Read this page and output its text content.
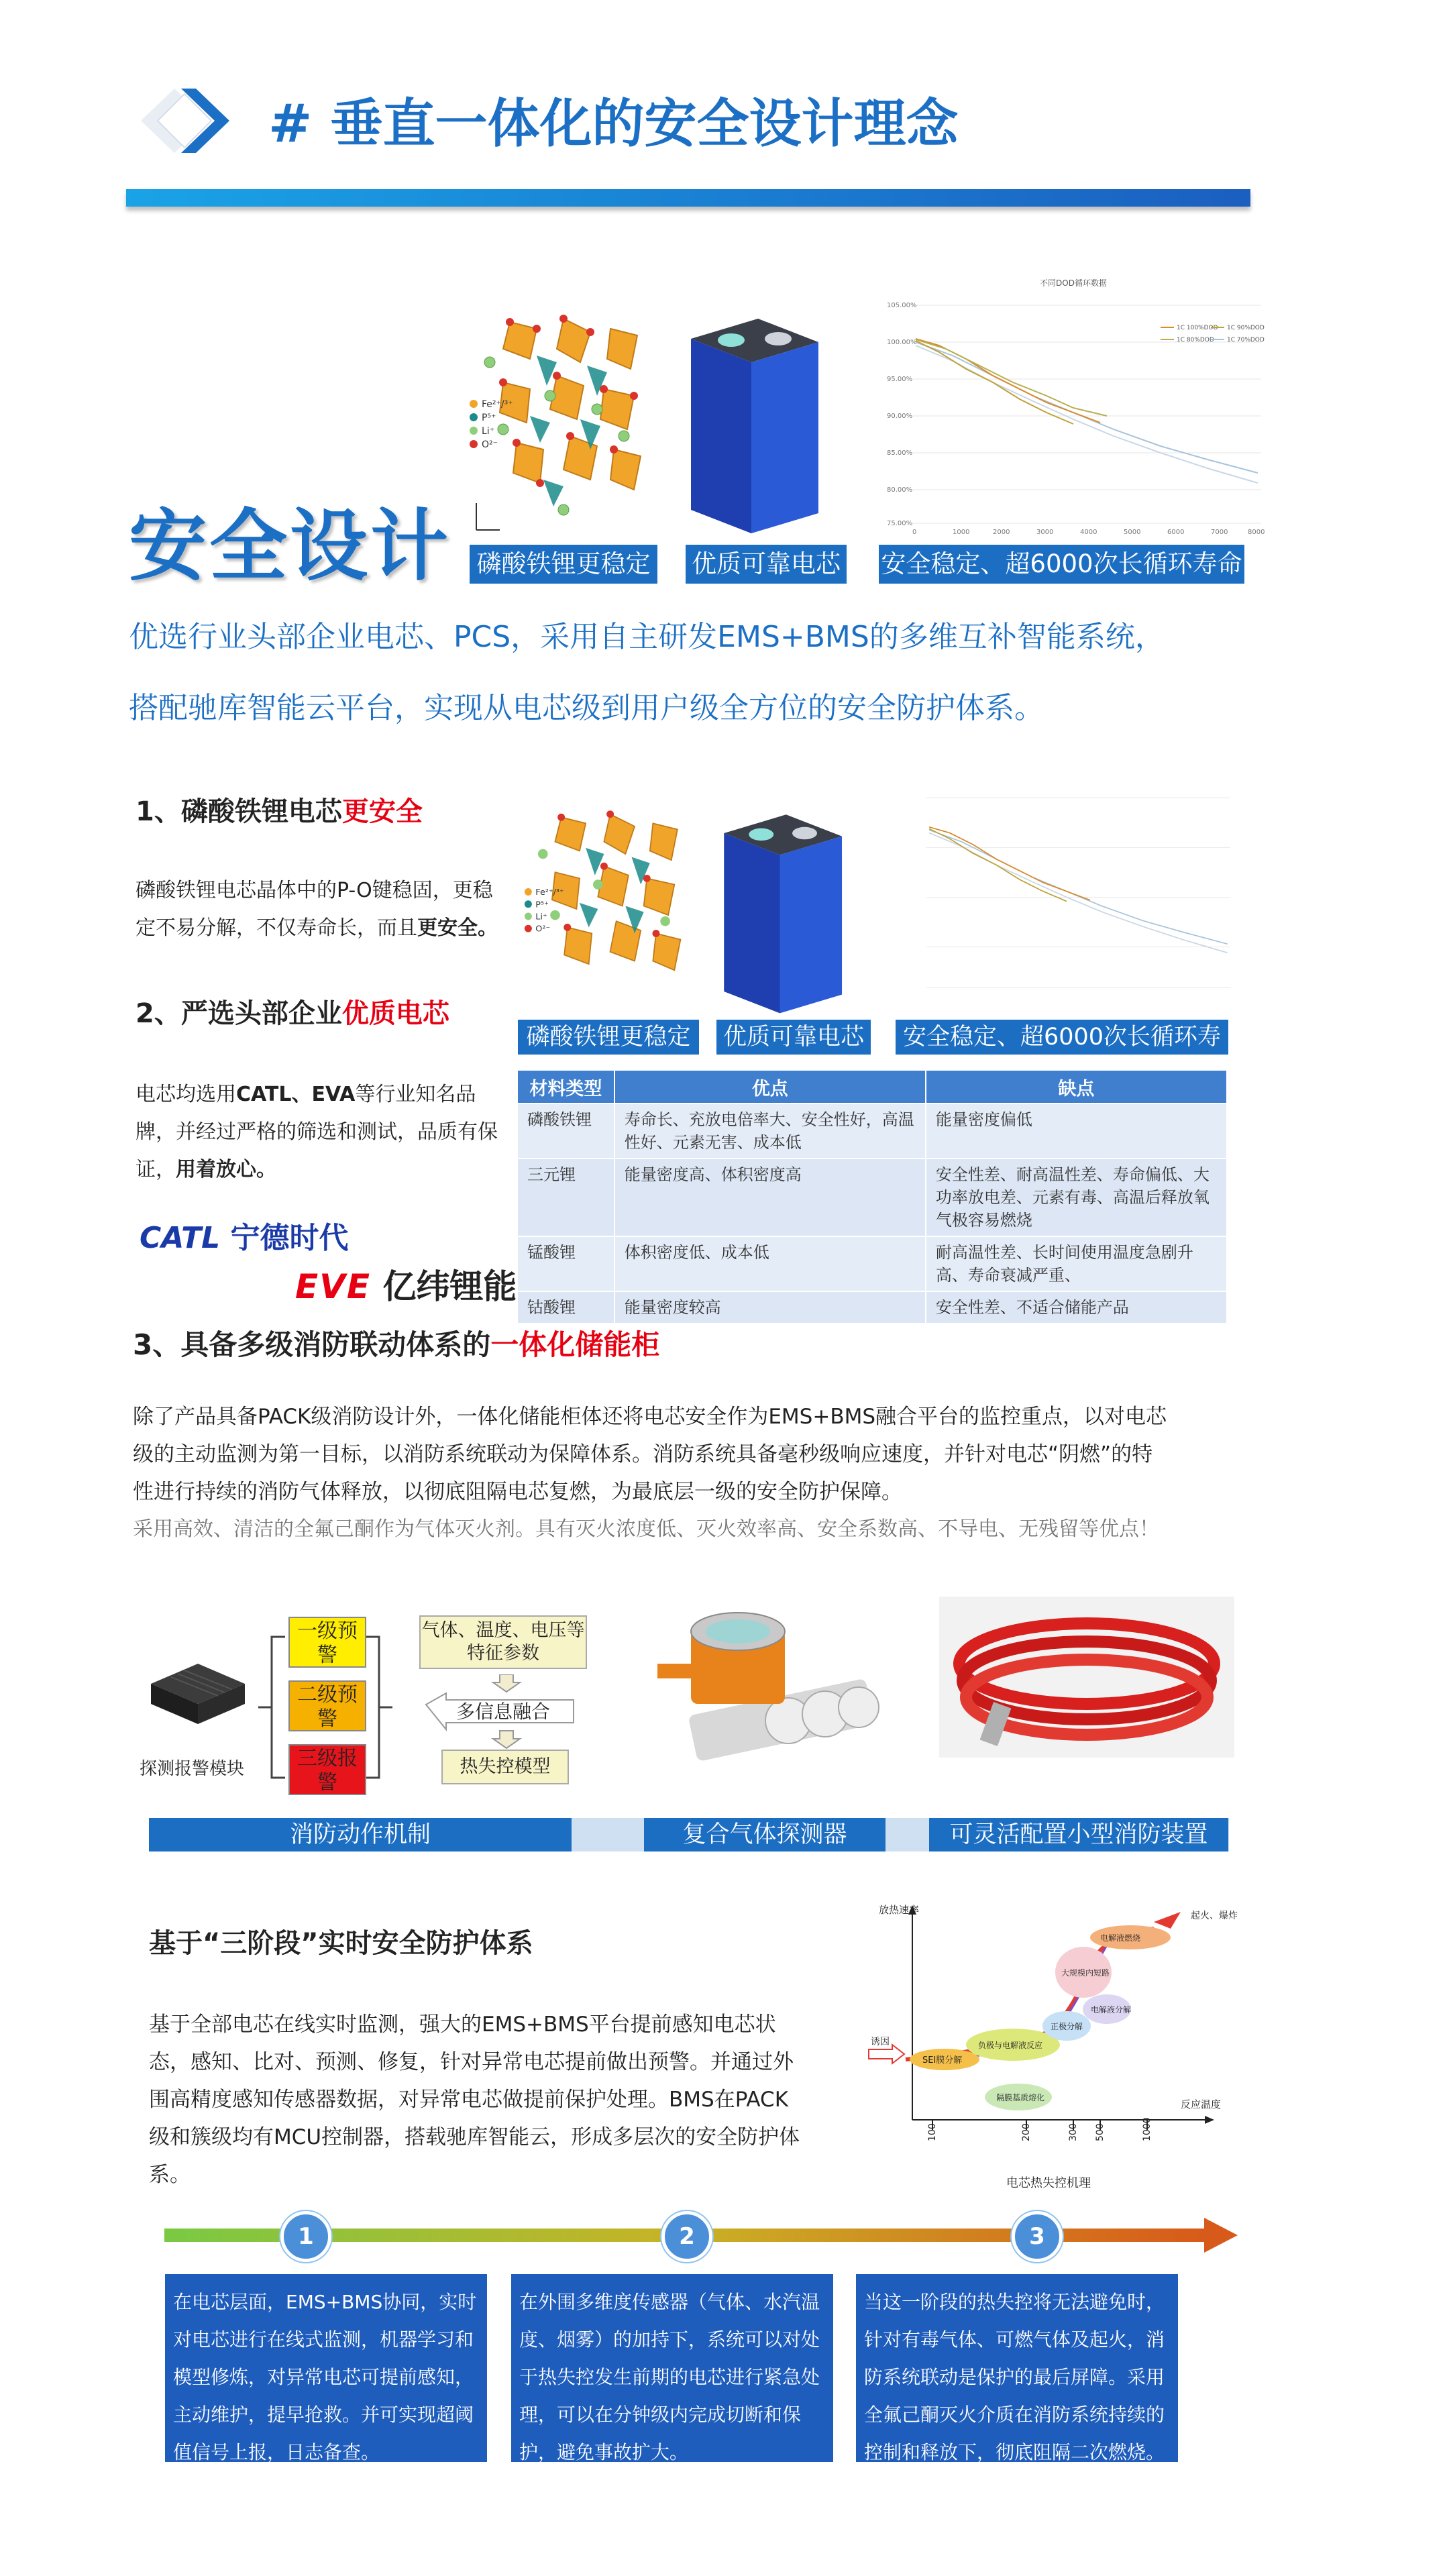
# 垂直一体化的安全设计理念
安全设计
Fe²⁺/³⁺
P⁵⁺
Li⁺
O²⁻
不同DOD循环数据
105.00%
100.00%
95.00%
90.00%
85.00%
80.00%
75.00%
0	1000	2000	3000	4000	5000	6000	7000	8000
1C 100%DOD 1C 90%DOD
1C 80%DOD 1C 70%DOD
磷酸铁锂更稳定 优质可靠电芯 安全稳定、超6000次长循环寿命
优选行业头部企业电芯、PCS，采用自主研发EMS+BMS的多维互补智能系统，
搭配驰库智能云平台，实现从电芯级到用户级全方位的安全防护体系。
1、磷酸铁锂电芯更安全
磷酸铁锂电芯晶体中的P-O键稳固，更稳定不易分解，不仅寿命长，而且更安全。
2、严选头部企业优质电芯
电芯均选用CATL、EVA等行业知名品牌，并经过严格的筛选和测试，品质有保证，用着放心。
CATL 宁德时代
EVE 亿纬锂能
Fe²⁺/³⁺
P⁵⁺
Li⁺
O²⁻
磷酸铁锂更稳定	优质可靠电芯	安全稳定、超6000次长循环寿
材料类型	优点	缺点
磷酸铁锂	寿命长、充放电倍率大、安全性好，高温性好、元素无害、成本低	能量密度偏低
三元锂	能量密度高、体积密度高	安全性差、耐高温性差、寿命偏低、大功率放电差、元素有毒、高温后释放氧气极容易燃烧
锰酸锂	体积密度低、成本低	耐高温性差、长时间使用温度急剧升高、寿命衰减严重、
钴酸锂	能量密度较高	安全性差、不适合储能产品
3、具备多级消防联动体系的一体化储能柜
除了产品具备PACK级消防设计外，一体化储能柜体还将电芯安全作为EMS+BMS融合平台的监控重点，以对电芯
级的主动监测为第一目标，以消防系统联动为保障体系。消防系统具备毫秒级响应速度，并针对电芯“阴燃”的特
性进行持续的消防气体释放，以彻底阻隔电芯复燃，为最底层一级的安全防护保障。
采用高效、清洁的全氟己酮作为气体灭火剂。具有灭火浓度低、灭火效率高、安全系数高、不导电、无残留等优点！
探测报警模块
一级预警
二级预警
三级报警
气体、温度、电压等特征参数
多信息融合
热失控模型
消防动作机制	复合气体探测器	可灵活配置小型消防装置
基于“三阶段”实时安全防护体系
基于全部电芯在线实时监测，强大的EMS+BMS平台提前感知电芯状态，感知、比对、预测、修复，针对异常电芯提前做出预警。并通过外围高精度感知传感器数据，对异常电芯做提前保护处理。BMS在PACK级和簇级均有MCU控制器，搭载驰库智能云，形成多层次的安全防护体系。
放热速率
反应温度
诱因
起火、爆炸
SEI膜分解
负极与电解液反应
隔膜基质熔化
正极分解
电解液分解
大规模内短路
电解液燃烧
100	200	300 500	1000
电芯热失控机理
1	2	3
在电芯层面，EMS+BMS协同，实时对电芯进行在线式监测，机器学习和模型修炼，对异常电芯可提前感知，主动维护，提早抢救。并可实现超阈值信号上报，日志备查。
在外围多维度传感器（气体、水汽温度、烟雾）的加持下，系统可以对处于热失控发生前期的电芯进行紧急处理，可以在分钟级内完成切断和保护，避免事故扩大。
当这一阶段的热失控将无法避免时，针对有毒气体、可燃气体及起火，消防系统联动是保护的最后屏障。采用全氟己酮灭火介质在消防系统持续的控制和释放下，彻底阻隔二次燃烧。
